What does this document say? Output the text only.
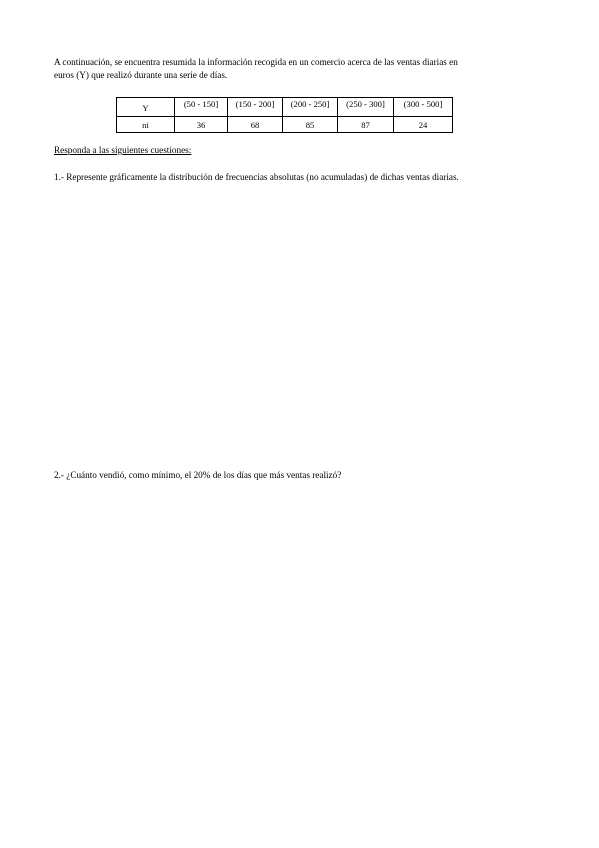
A continuación, se encuentra resumida la información recogida en un comercio acerca de las ventas diarias en

euros (Y) que realizó durante una serie de días.

Y	(50 - 150]	(150 - 200]	(200 - 250]	(250 - 300]	(300 - 500]
ni	36	68	85	87	24

Responda a las siguientes cuestiones:

1.- Represente gráficamente la distribución de frecuencias absolutas (no acumuladas) de dichas ventas diarias.

2.- ¿Cuánto vendió, como mínimo, el 20% de los días que más ventas realizó?
